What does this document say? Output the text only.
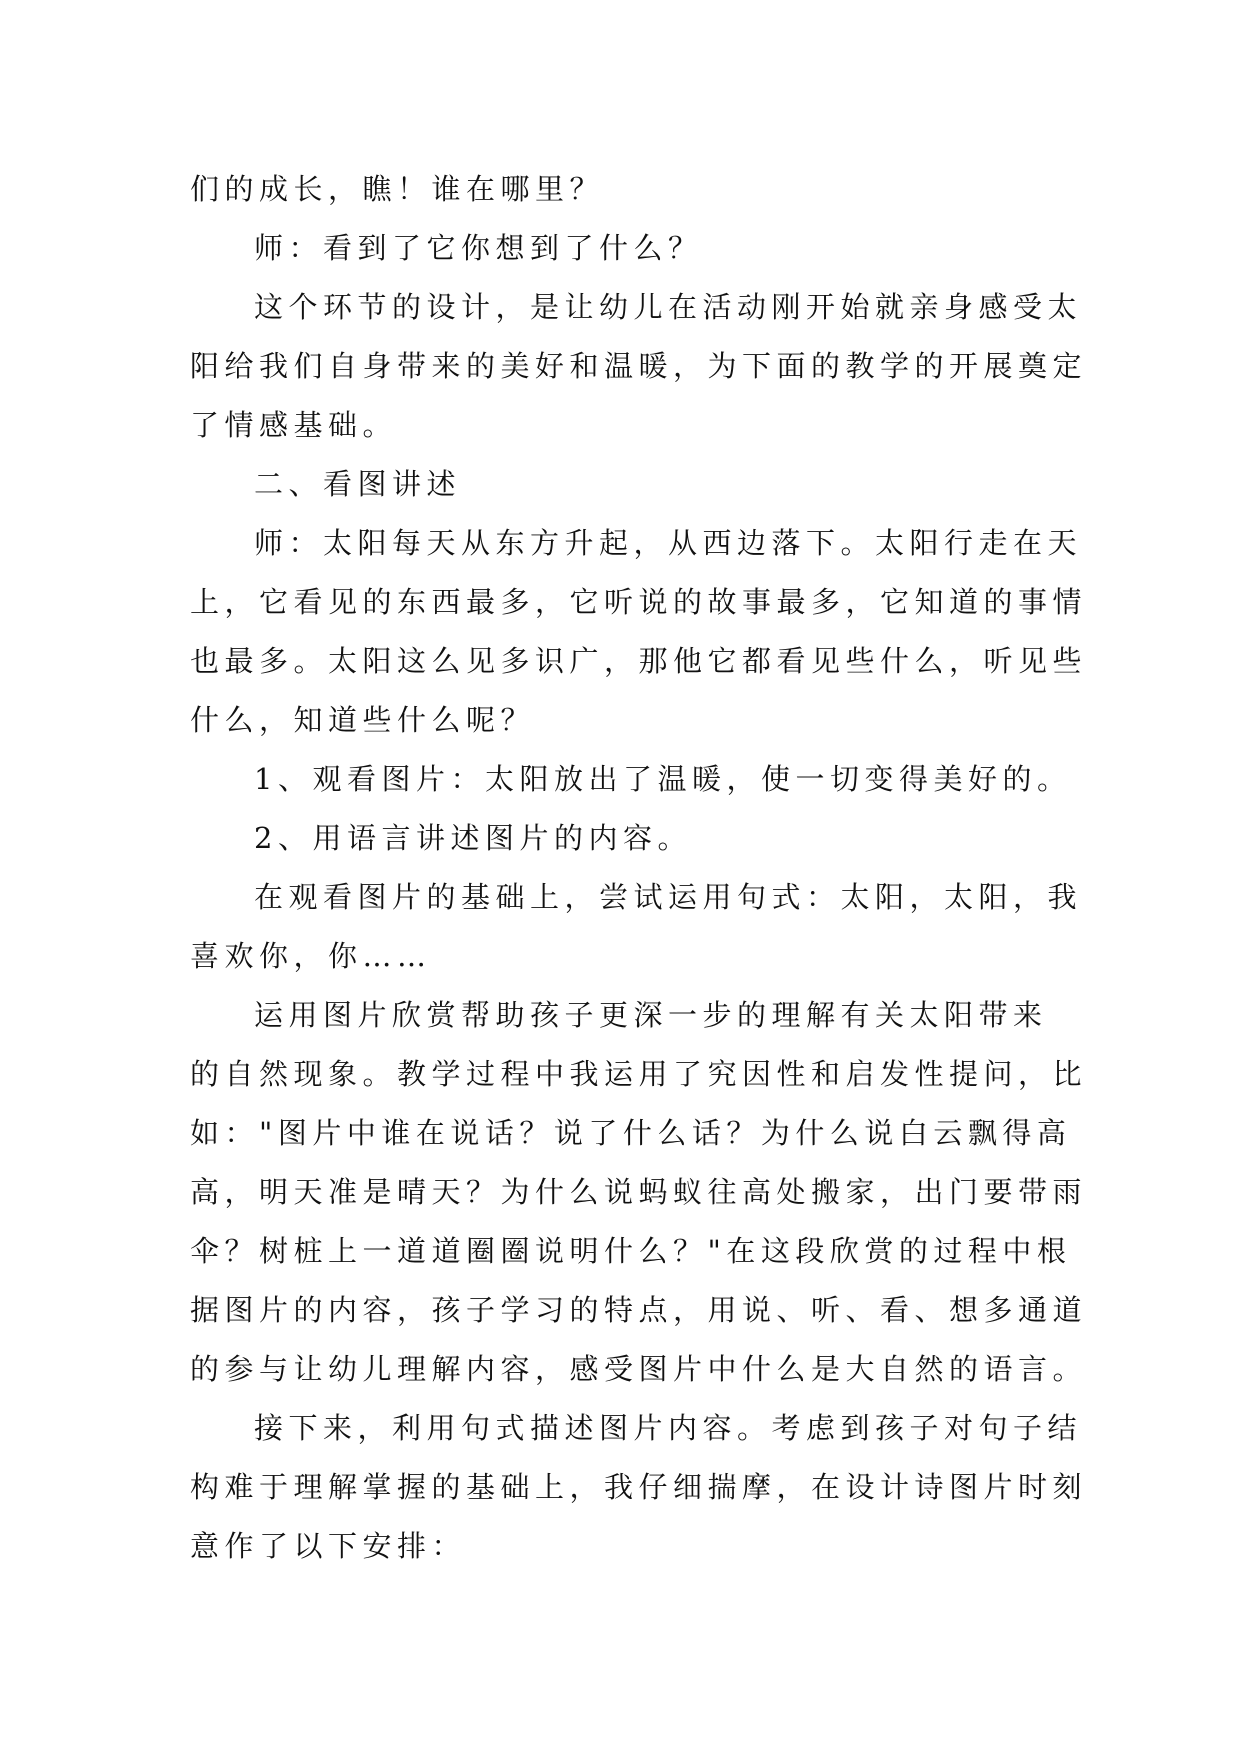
们的成长，瞧！谁在哪里？
师：看到了它你想到了什么？
这个环节的设计，是让幼儿在活动刚开始就亲身感受太
阳给我们自身带来的美好和温暖，为下面的教学的开展奠定
了情感基础。
二、看图讲述
师：太阳每天从东方升起，从西边落下。太阳行走在天
上，它看见的东西最多，它听说的故事最多，它知道的事情
也最多。太阳这么见多识广，那他它都看见些什么，听见些
什么，知道些什么呢？
1、观看图片：太阳放出了温暖，使一切变得美好的。
2、用语言讲述图片的内容。
在观看图片的基础上，尝试运用句式：太阳，太阳，我
喜欢你，你……
运用图片欣赏帮助孩子更深一步的理解有关太阳带来
的自然现象。教学过程中我运用了究因性和启发性提问，比
如："图片中谁在说话？说了什么话？为什么说白云飘得高
高，明天准是晴天？为什么说蚂蚁往高处搬家，出门要带雨
伞？树桩上一道道圈圈说明什么？"在这段欣赏的过程中根
据图片的内容，孩子学习的特点，用说、听、看、想多通道
的参与让幼儿理解内容，感受图片中什么是大自然的语言。
接下来，利用句式描述图片内容。考虑到孩子对句子结
构难于理解掌握的基础上，我仔细揣摩，在设计诗图片时刻
意作了以下安排：
